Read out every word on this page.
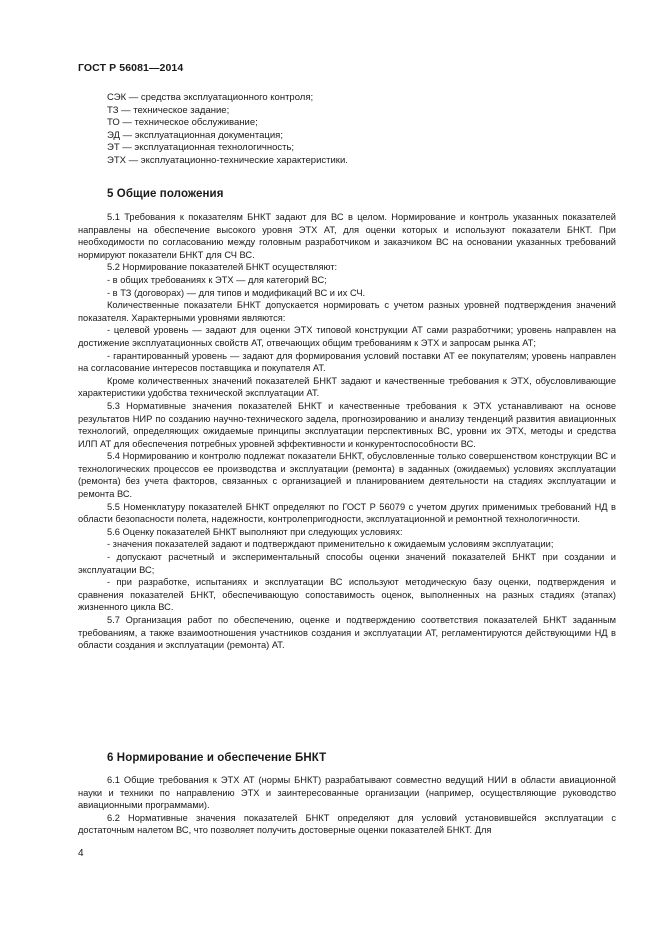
ГОСТ Р 56081—2014
СЭК — средства эксплуатационного контроля;
ТЗ — техническое задание;
ТО — техническое обслуживание;
ЭД — эксплуатационная документация;
ЭТ — эксплуатационная технологичность;
ЭТХ — эксплуатационно-технические характеристики.
5 Общие положения

5.1 Требования к показателям БНКТ задают для ВС в целом. Нормирование и контроль указанных показателей направлены на обеспечение высокого уровня ЭТХ АТ, для оценки которых и используют показатели БНКТ. При необходимости по согласованию между головным разработчиком и заказчиком ВС на основании указанных требований нормируют показатели БНКТ для СЧ ВС.

5.2 Нормирование показателей БНКТ осуществляют:

- в общих требованиях к ЭТХ — для категорий ВС;

- в ТЗ (договорах) — для типов и модификаций ВС и их СЧ.

Количественные показатели БНКТ допускается нормировать с учетом разных уровней подтверждения значений показателя. Характерными уровнями являются:

- целевой уровень — задают для оценки ЭТХ типовой конструкции АТ сами разработчики; уровень направлен на достижение эксплуатационных свойств АТ, отвечающих общим требованиям к ЭТХ и запросам рынка АТ;

- гарантированный уровень — задают для формирования условий поставки АТ ее покупателям; уровень направлен на согласование интересов поставщика и покупателя АТ.

Кроме количественных значений показателей БНКТ задают и качественные требования к ЭТХ, обусловливающие характеристики удобства технической эксплуатации АТ.

5.3 Нормативные значения показателей БНКТ и качественные требования к ЭТХ устанавливают на основе результатов НИР по созданию научно-технического задела, прогнозированию и анализу тенденций развития авиационных технологий, определяющих ожидаемые принципы эксплуатации перспективных ВС, уровни их ЭТХ, методы и средства ИЛП АТ для обеспечения потребных уровней эффективности и конкурентоспособности ВС.

5.4 Нормированию и контролю подлежат показатели БНКТ, обусловленные только совершенством конструкции ВС и технологических процессов ее производства и эксплуатации (ремонта) в заданных (ожидаемых) условиях эксплуатации (ремонта) без учета факторов, связанных с организацией и планированием деятельности на стадиях эксплуатации и ремонта ВС.

5.5 Номенклатуру показателей БНКТ определяют по ГОСТ Р 56079 с учетом других применимых требований НД в области безопасности полета, надежности, контролепригодности, эксплуатационной и ремонтной технологичности.

5.6 Оценку показателей БНКТ выполняют при следующих условиях:

- значения показателей задают и подтверждают применительно к ожидаемым условиям эксплуатации;

- допускают расчетный и экспериментальный способы оценки значений показателей БНКТ при создании и эксплуатации ВС;

- при разработке, испытаниях и эксплуатации ВС используют методическую базу оценки, подтверждения и сравнения показателей БНКТ, обеспечивающую сопоставимость оценок, выполненных на разных стадиях (этапах) жизненного цикла ВС.

5.7 Организация работ по обеспечению, оценке и подтверждению соответствия показателей БНКТ заданным требованиям, а также взаимоотношения участников создания и эксплуатации АТ, регламентируются действующими НД в области создания и эксплуатации (ремонта) АТ.

6 Нормирование и обеспечение БНКТ

6.1 Общие требования к ЭТХ АТ (нормы БНКТ) разрабатывают совместно ведущий НИИ в области авиационной науки и техники по направлению ЭТХ и заинтересованные организации (например, осуществляющие руководство авиационными программами).

6.2 Нормативные значения показателей БНКТ определяют для условий установившейся эксплуатации с достаточным налетом ВС, что позволяет получить достоверные оценки показателей БНКТ. Для

4
